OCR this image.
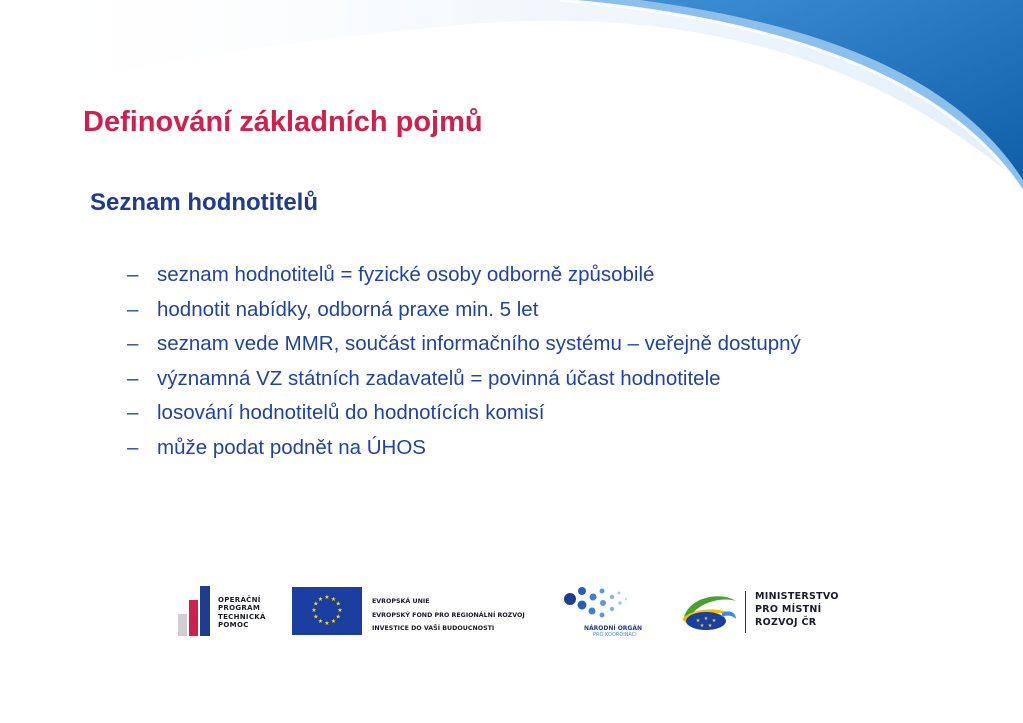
Definování základních pojmů
Seznam hodnotitelů
– seznam hodnotitelů = fyzické osoby odborně způsobilé
– hodnotit nabídky, odborná praxe min. 5 let
– seznam vede MMR, součást informačního systému – veřejně dostupný
– významná VZ státních zadavatelů = povinná účast hodnotitele
– losování hodnotitelů do hodnotících komisí
– může podat podnět na ÚHOS
OPERAČNÍ
PROGRAM
TECHNICKÁ
POMOC
★ ★
★
★
★
★
★
★
★
★
★
★	EVROPSKÁ UNIE
EVROPSKÝ FOND PRO REGIONÁLNÍ ROZVOJ
INVESTICE DO VAŠÍ BUDOUCNOSTI	NÁRODNÍ ORGÁN
PRO KOORDINACI
★ ★ ★
★ ★
MINISTERSTVO
PRO MÍSTNÍ
ROZVOJ ČR
